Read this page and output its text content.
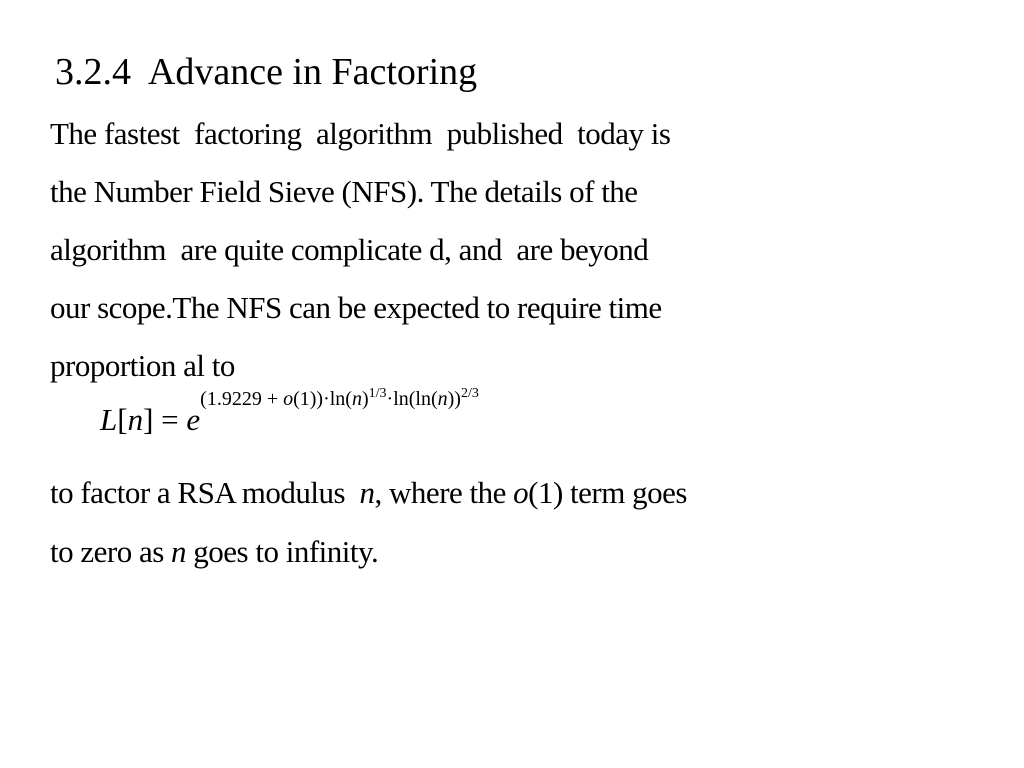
3.2.4  Advance in Factoring
The fastest  factoring  algorithm  published  today is
the Number Field Sieve (NFS). The details of the
algorithm  are quite complicate d, and  are beyond
our scope.The NFS can be expected to require time
proportion al to
$L[n] = e(1.9229 + o(1))\cdot\ln(n)^{1/3}\cdot\ln(\ln(n))^{2/3}$
to factor a RSA modulus  n, where the o(1) term goes
to zero as n goes to infinity.
